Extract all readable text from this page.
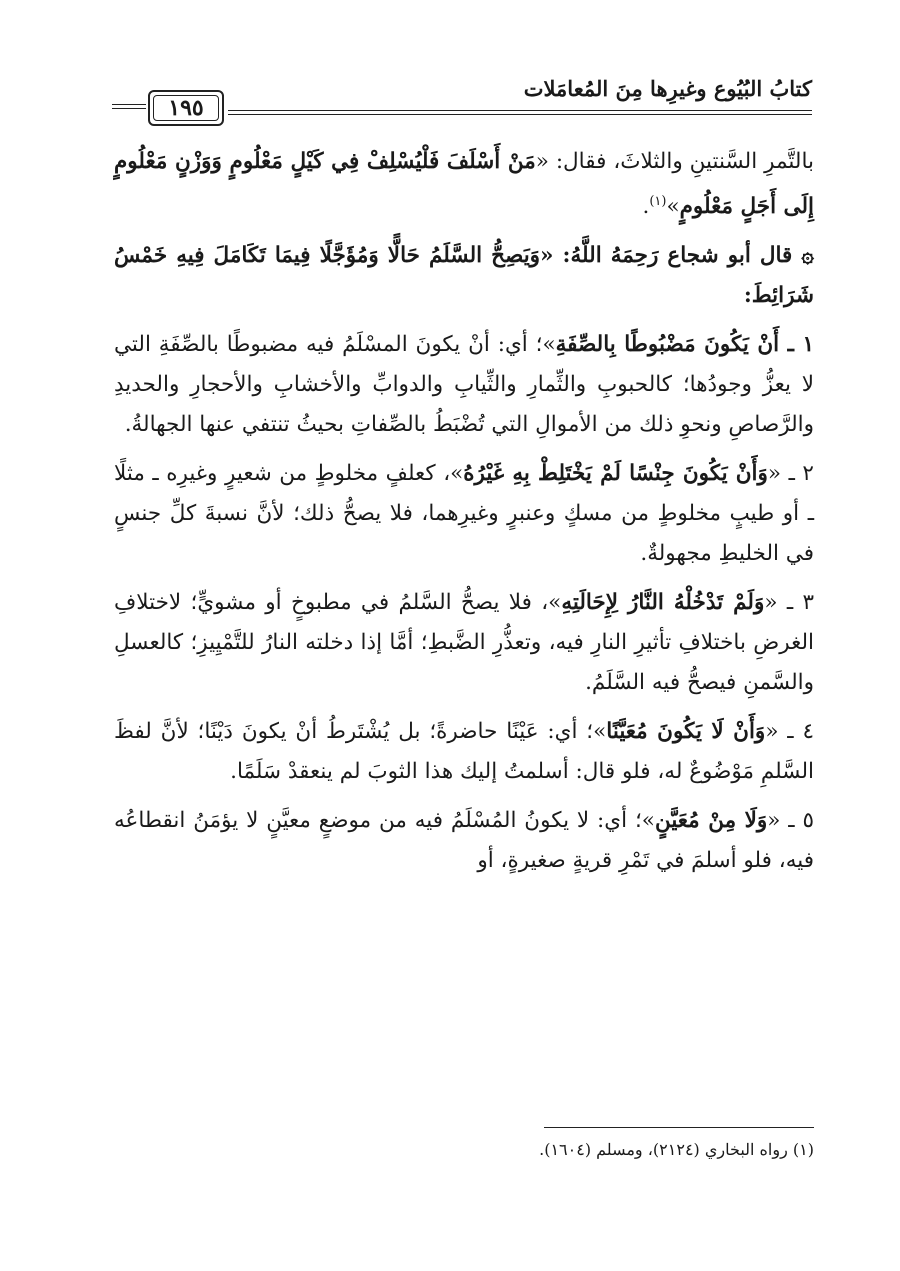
كتابُ البُيُوع وغيرِها مِنَ المُعامَلات
١٩٥

بالتَّمرِ السَّنتينِ والثلاثَ، فقال: «مَنْ أَسْلَفَ فَلْيُسْلِفْ فِي كَيْلٍ مَعْلُومٍ وَوَزْنٍ مَعْلُومٍ إِلَى أَجَلٍ مَعْلُومٍ»$^{(١)}$.

۞ قال أبو شجاع رَحِمَهُ اللَّهُ: «وَيَصِحُّ السَّلَمُ حَالًّا وَمُؤَجَّلًا فِيمَا تَكَامَلَ فِيهِ خَمْسُ شَرَائِطَ:

١ ـ أَنْ يَكُونَ مَضْبُوطًا بِالصِّفَةِ»؛ أي: أنْ يكونَ المسْلَمُ فيه مضبوطًا بالصِّفَةِ التي لا يعزُّ وجودُها؛ كالحبوبِ والثِّمارِ والثِّيابِ والدوابِّ والأخشابِ والأحجارِ والحديدِ والرَّصاصِ ونحوِ ذلك من الأموالِ التي تُضْبَطُ بالصِّفاتِ بحيثُ تنتفي عنها الجهالةُ.

٢ ـ «وَأَنْ يَكُونَ جِنْسًا لَمْ يَخْتَلِطْ بِهِ غَيْرُهُ»، كعلفٍ مخلوطٍ من شعيرٍ وغيرِه ـ مثلًا ـ أو طيبٍ مخلوطٍ من مسكٍ وعنبرٍ وغيرِهما، فلا يصحُّ ذلك؛ لأنَّ نسبةَ كلِّ جنسٍ في الخليطِ مجهولةٌ.

٣ ـ «وَلَمْ تَدْخُلْهُ النَّارُ لِإِحَالَتِهِ»، فلا يصحُّ السَّلمُ في مطبوخٍ أو مشويٍّ؛ لاختلافِ الغرضِ باختلافِ تأثيرِ النارِ فيه، وتعذُّرِ الضَّبطِ؛ أمَّا إذا دخلته النارُ للتَّمْيِيزِ؛ كالعسلِ والسَّمنِ فيصحُّ فيه السَّلَمُ.

٤ ـ «وَأَنْ لَا يَكُونَ مُعَيَّنًا»؛ أي: عَيْنًا حاضرةً؛ بل يُشْتَرطُ أنْ يكونَ دَيْنًا؛ لأنَّ لفظَ السَّلمِ مَوْضُوعٌ له، فلو قال: أسلمتُ إليك هذا الثوبَ لم ينعقدْ سَلَمًا.

٥ ـ «وَلَا مِنْ مُعَيَّنٍ»؛ أي: لا يكونُ المُسْلَمُ فيه من موضعٍ معيَّنٍ لا يؤمَنُ انقطاعُه فيه، فلو أسلمَ في تَمْرِ قريةٍ صغيرةٍ، أو

(١) رواه البخاري (٢١٢٤)، ومسلم (١٦٠٤).
